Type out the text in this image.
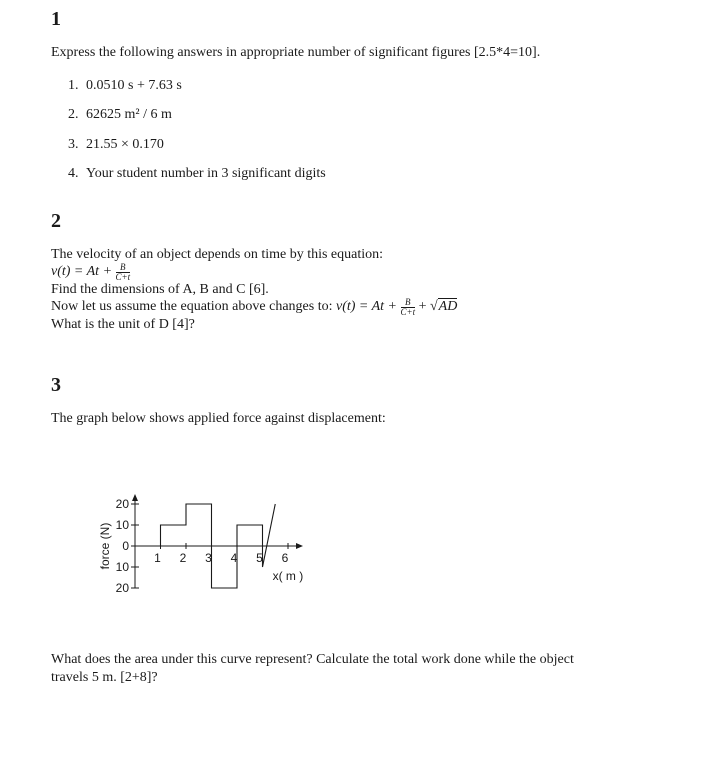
1
Express the following answers in appropriate number of significant figures [2.5*4=10].
1. 0.0510 s + 7.63 s
2. 62625 m² / 6 m
3. 21.55 × 0.170
4. Your student number in 3 significant digits
2
The velocity of an object depends on time by this equation:
$v(t) = At + \frac{B}{C+t}$
Find the dimensions of A, B and C [6].
Now let us assume the equation above changes to: $v(t) = At + \frac{B}{C+t} + √AD$
What is the unit of D [4]?
3
The graph below shows applied force against displacement:
20
10
0
10
20
1 2 3 4 5 6
force (N)
x( m )
What does the area under this curve represent? Calculate the total work done while the object
travels 5 m. [2+8]?
